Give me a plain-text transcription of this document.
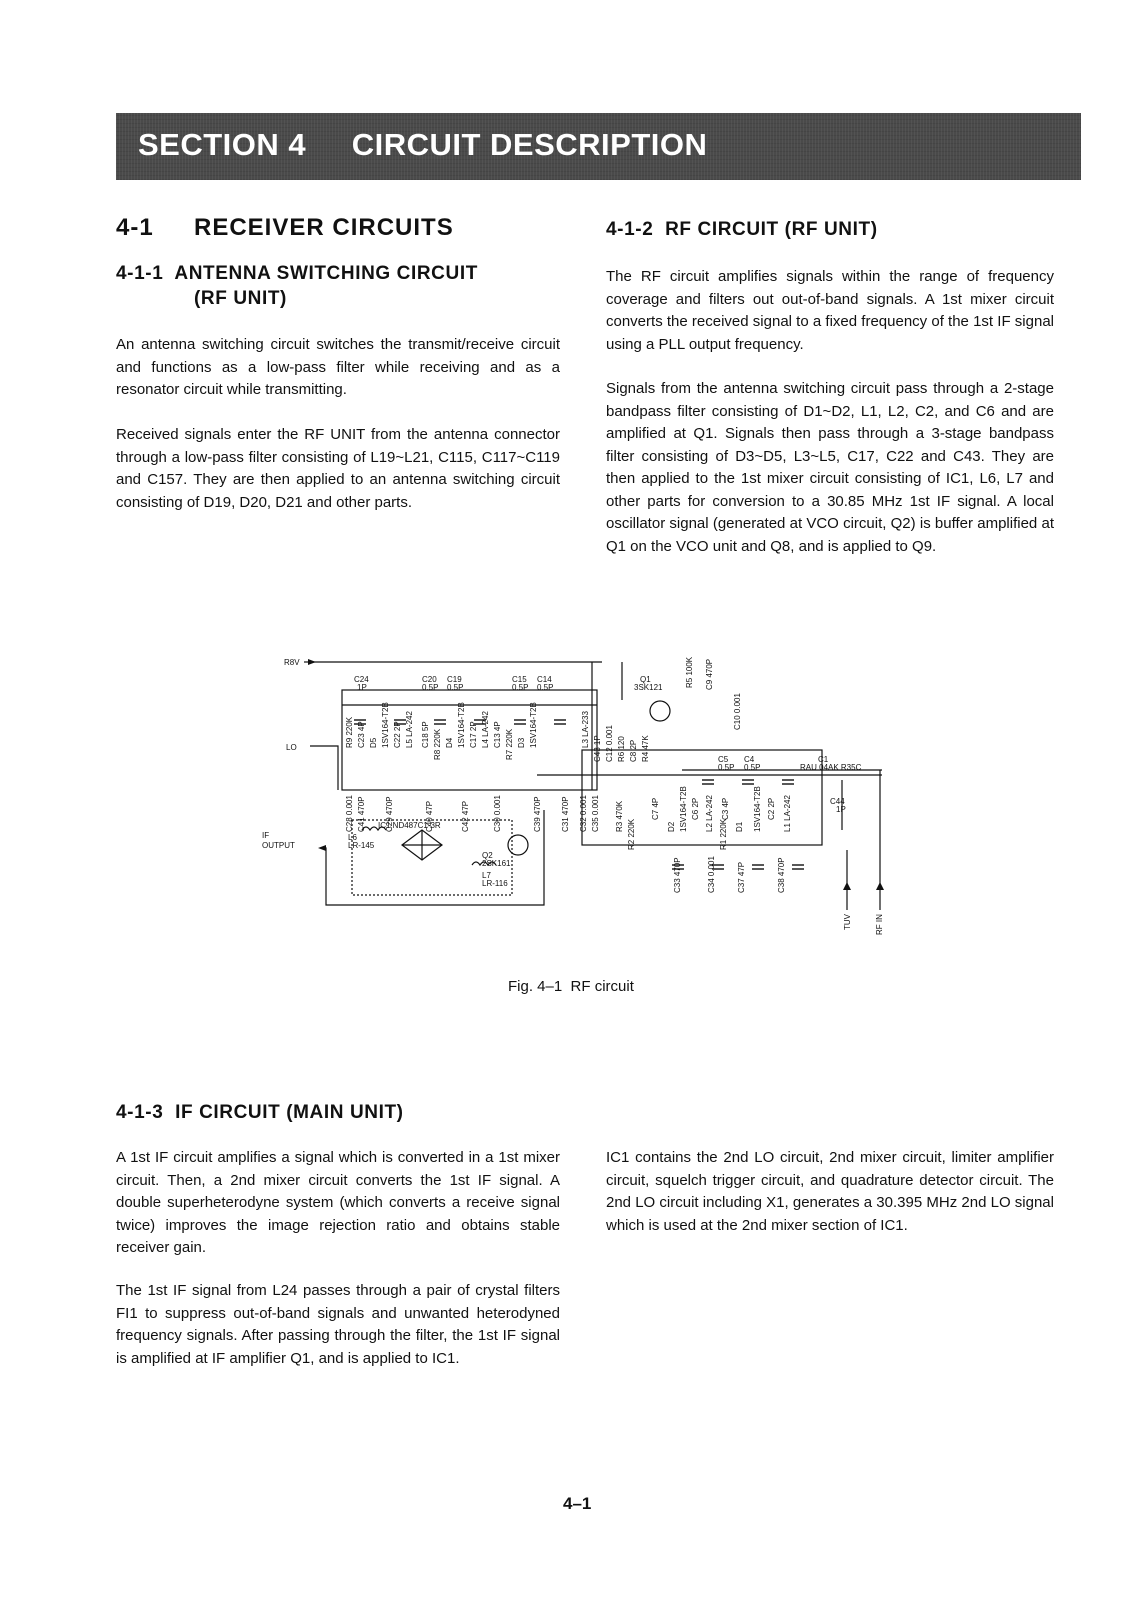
SECTION 4     CIRCUIT DESCRIPTION
4-1 RECEIVER CIRCUITS
4-1-1  ANTENNA SWITCHING CIRCUIT
(RF UNIT)
An antenna switching circuit switches the transmit/receive circuit and functions as a low-pass filter while receiving and as a resonator circuit while transmitting.
Received signals enter the RF UNIT from the antenna connector through a low-pass filter consisting of L19~L21, C115, C117~C119 and C157. They are then applied to an antenna switching circuit consisting of D19, D20, D21 and other parts.
4-1-2  RF CIRCUIT (RF UNIT)
The RF circuit amplifies signals within the range of frequency coverage and filters out out-of-band signals. A 1st mixer circuit converts the received signal to a fixed frequency of the 1st IF signal using a PLL output frequency.
Signals from the antenna switching circuit pass through a 2-stage bandpass filter consisting of D1~D2, L1, L2, C2, and C6 and are amplified at Q1. Signals then pass through a 3-stage bandpass filter consisting of D3~D5, L3~L5, C17, C22 and C43. They are then applied to the 1st mixer circuit consisting of IC1, L6, L7 and other parts for conversion to a 30.85 MHz 1st IF signal. A local oscillator signal (generated at VCO circuit, Q2) is buffer amplified at Q1 on the VCO unit and Q8, and is applied to Q9.
R8V
LO
IF
OUTPUT
C24
1P
C20
0.5P
C19
0.5P
C15
0.5P
C14
0.5P
Q1
3SK121
C5
0.5P
C4
0.5P
C1
RAU 04AK R35C
C44
1P
L6
LR-145
IC1 ND487C1-3R
Q2
2SK161
L7
LR-116
TUV	RF IN
R5 100K C9 470P
C10 0.001
R9 220K C23 4P D5 1SV164-T2B C22 2P L5 LA-242 C18 5P R8 220K D4 1SV164-T2B C17 2P L4 LA-242 C13 4P R7 220K D3 1SV164-T2B	L3 LA-233
C43 1P C12 0.001 R6 120 C8 2P R4 47K
C28 0.001 C41 470P C29 470P	C40 47P	C42 47P	C30 0.001	C39 470P C31 470P C32 0.001 C35 0.001 R3 470K
R2 220K
C7 4P
D2 1SV164-T2B C6 2P L2 LA-242 C3 4P
R1 220K D1 1SV164-T2B C2 2P L1 LA-242
C33 470P	C34 0.001	C37 47P	C38 470P
Fig. 4–1  RF circuit
4-1-3  IF CIRCUIT (MAIN UNIT)
A 1st IF circuit amplifies a signal which is converted in a 1st mixer circuit. Then, a 2nd mixer circuit converts the 1st IF signal. A double superheterodyne system (which converts a receive signal twice) improves the image rejection ratio and obtains stable receiver gain.
The 1st IF signal from L24 passes through a pair of crystal filters FI1 to suppress out-of-band signals and unwanted heterodyned frequency signals. After passing through the filter, the 1st IF signal is amplified at IF amplifier Q1, and is applied to IC1.
IC1 contains the 2nd LO circuit, 2nd mixer circuit, limiter amplifier circuit, squelch trigger circuit, and quadrature detector circuit. The 2nd LO circuit including X1, generates a 30.395 MHz 2nd LO signal which is used at the 2nd mixer section of IC1.
4–1
